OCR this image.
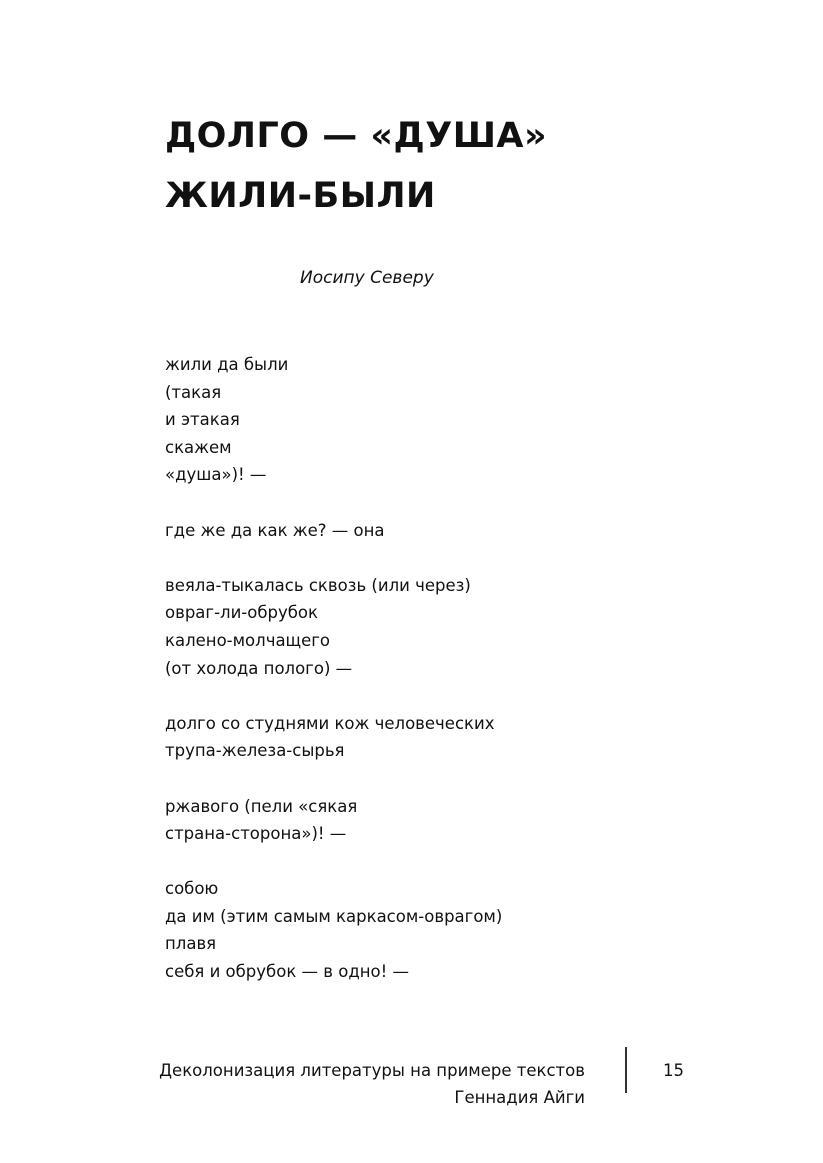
ДОЛГО — «ДУША» ЖИЛИ-БЫЛИ
Иосипу Северу
жили да были
(такая
и этакая
скажем
«душа»)! —
где же да как же? — она
веяла-тыкалась сквозь (или через)
овраг-ли-обрубок
калено-молчащего
(от холода полого) —
долго со студнями кож человеческих
трупа-железа-сырья
ржавого (пели «сякая
страна-сторона»)! —
собою
да им (этим самым каркасом-оврагом)
плавя
себя и обрубок — в одно! —
Деколонизация литературы на примере текстов
Геннадия Айги
15
